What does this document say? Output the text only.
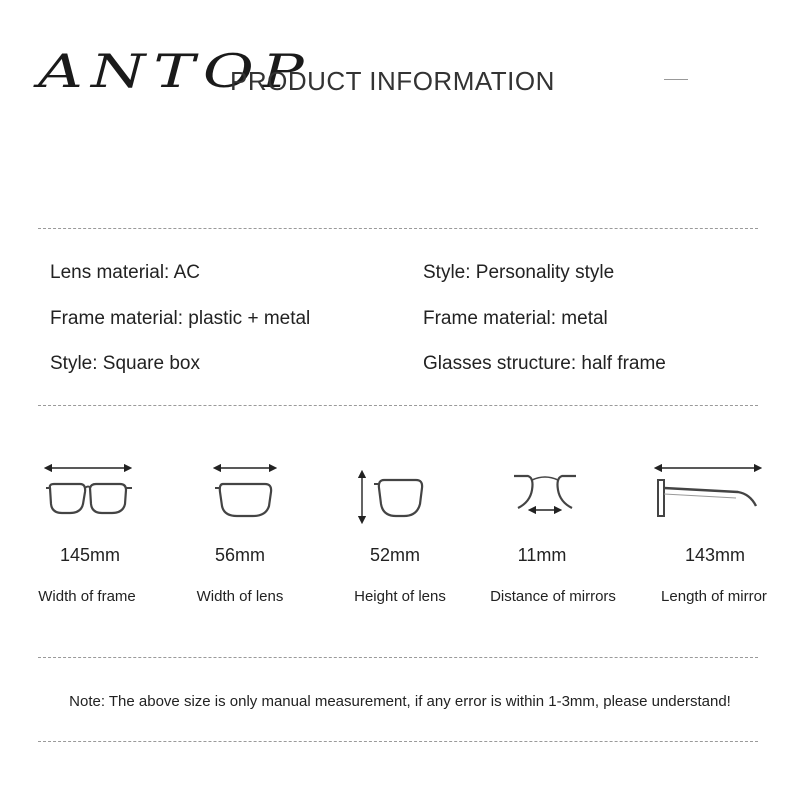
ANTOP
PRODUCT INFORMATION
Lens material: AC	Style: Personality style
Frame material: plastic + metal	Frame material: metal
Style: Square box	Glasses structure: half frame
145mm	56mm	52mm	11mm	143mm
Width of frame	Width of lens	Height of lens	Distance of mirrors	Length of mirror
Note: The above size is only manual measurement, if any error is within 1-3mm, please understand!
